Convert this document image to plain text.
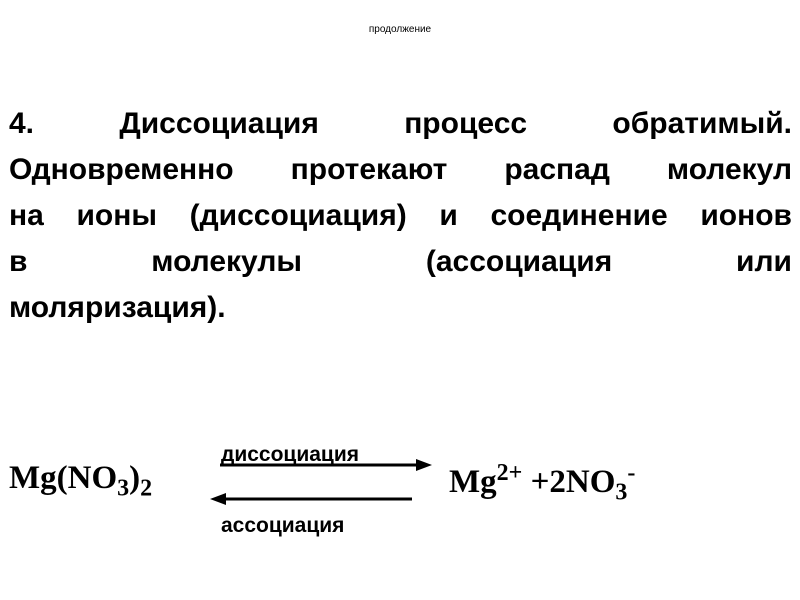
продолжение

4. Диссоциация процесс обратимый.
Одновременно протекают распад молекул
на ионы (диссоциация) и соединение ионов
в молекулы (ассоциация или
моляризация).

$Mg(NO_3)_2$
диссоциация
ассоциация
$Mg^{2+} +2NO_3^-$
